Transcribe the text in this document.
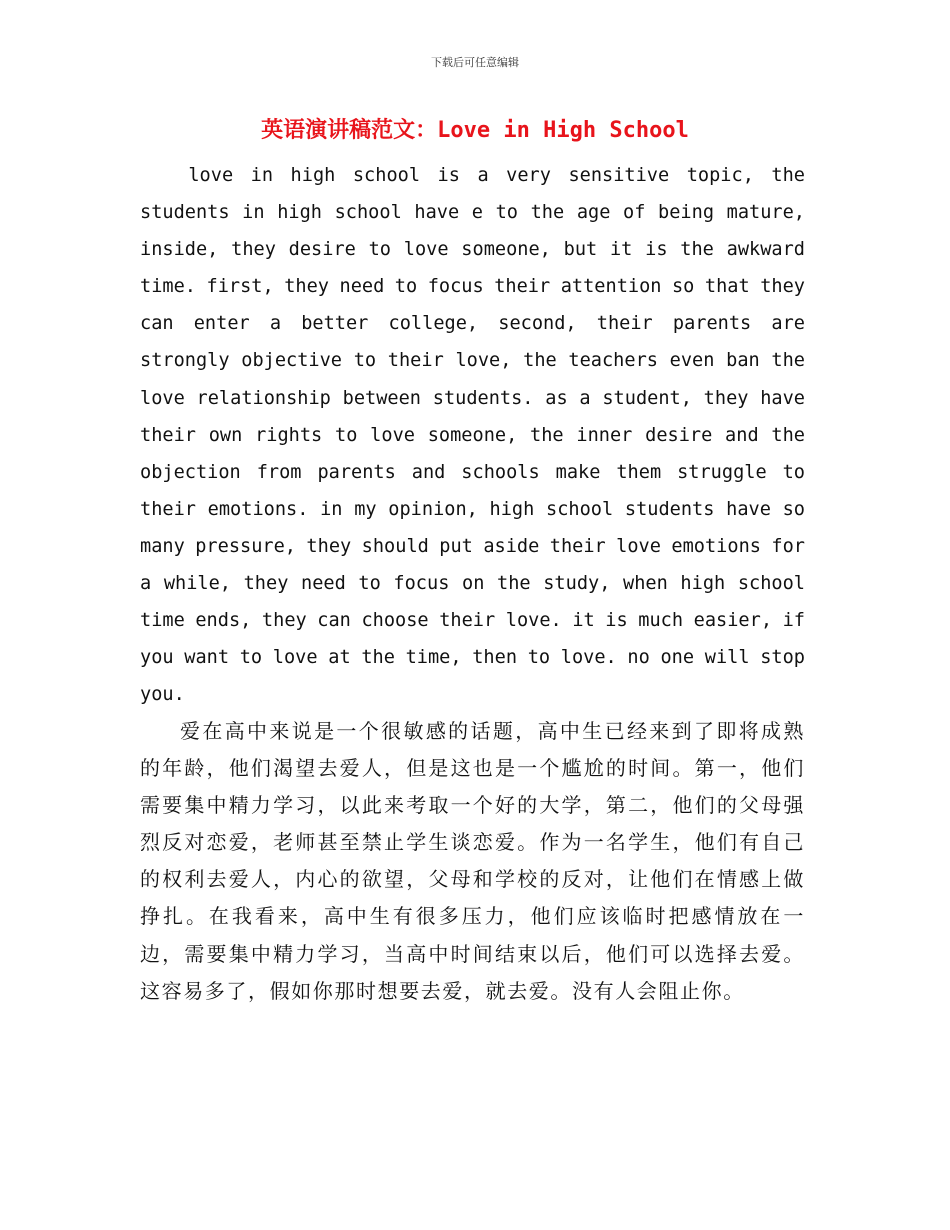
下载后可任意编辑
英语演讲稿范文：Love in High School

love in high school is a very sensitive topic, the students in high school have e to the age of being mature, inside, they desire to love someone, but it is the awkward time. first, they need to focus their attention so that they can enter a better college, second, their parents are strongly objective to their love, the teachers even ban the love relationship between students. as a student, they have their own rights to love someone, the inner desire and the objection from parents and schools make them struggle to their emotions. in my opinion, high school students have so many pressure, they should put aside their love emotions for a while, they need to focus on the study, when high school time ends, they can choose their love. it is much easier, if you want to love at the time, then to love. no one will stop you.

爱在高中来说是一个很敏感的话题，高中生已经来到了即将成熟的年龄，他们渴望去爱人，但是这也是一个尴尬的时间。第一，他们需要集中精力学习，以此来考取一个好的大学，第二，他们的父母强烈反对恋爱，老师甚至禁止学生谈恋爱。作为一名学生，他们有自己的权利去爱人，内心的欲望，父母和学校的反对，让他们在情感上做挣扎。在我看来，高中生有很多压力，他们应该临时把感情放在一边，需要集中精力学习，当高中时间结束以后，他们可以选择去爱。这容易多了，假如你那时想要去爱，就去爱。没有人会阻止你。
